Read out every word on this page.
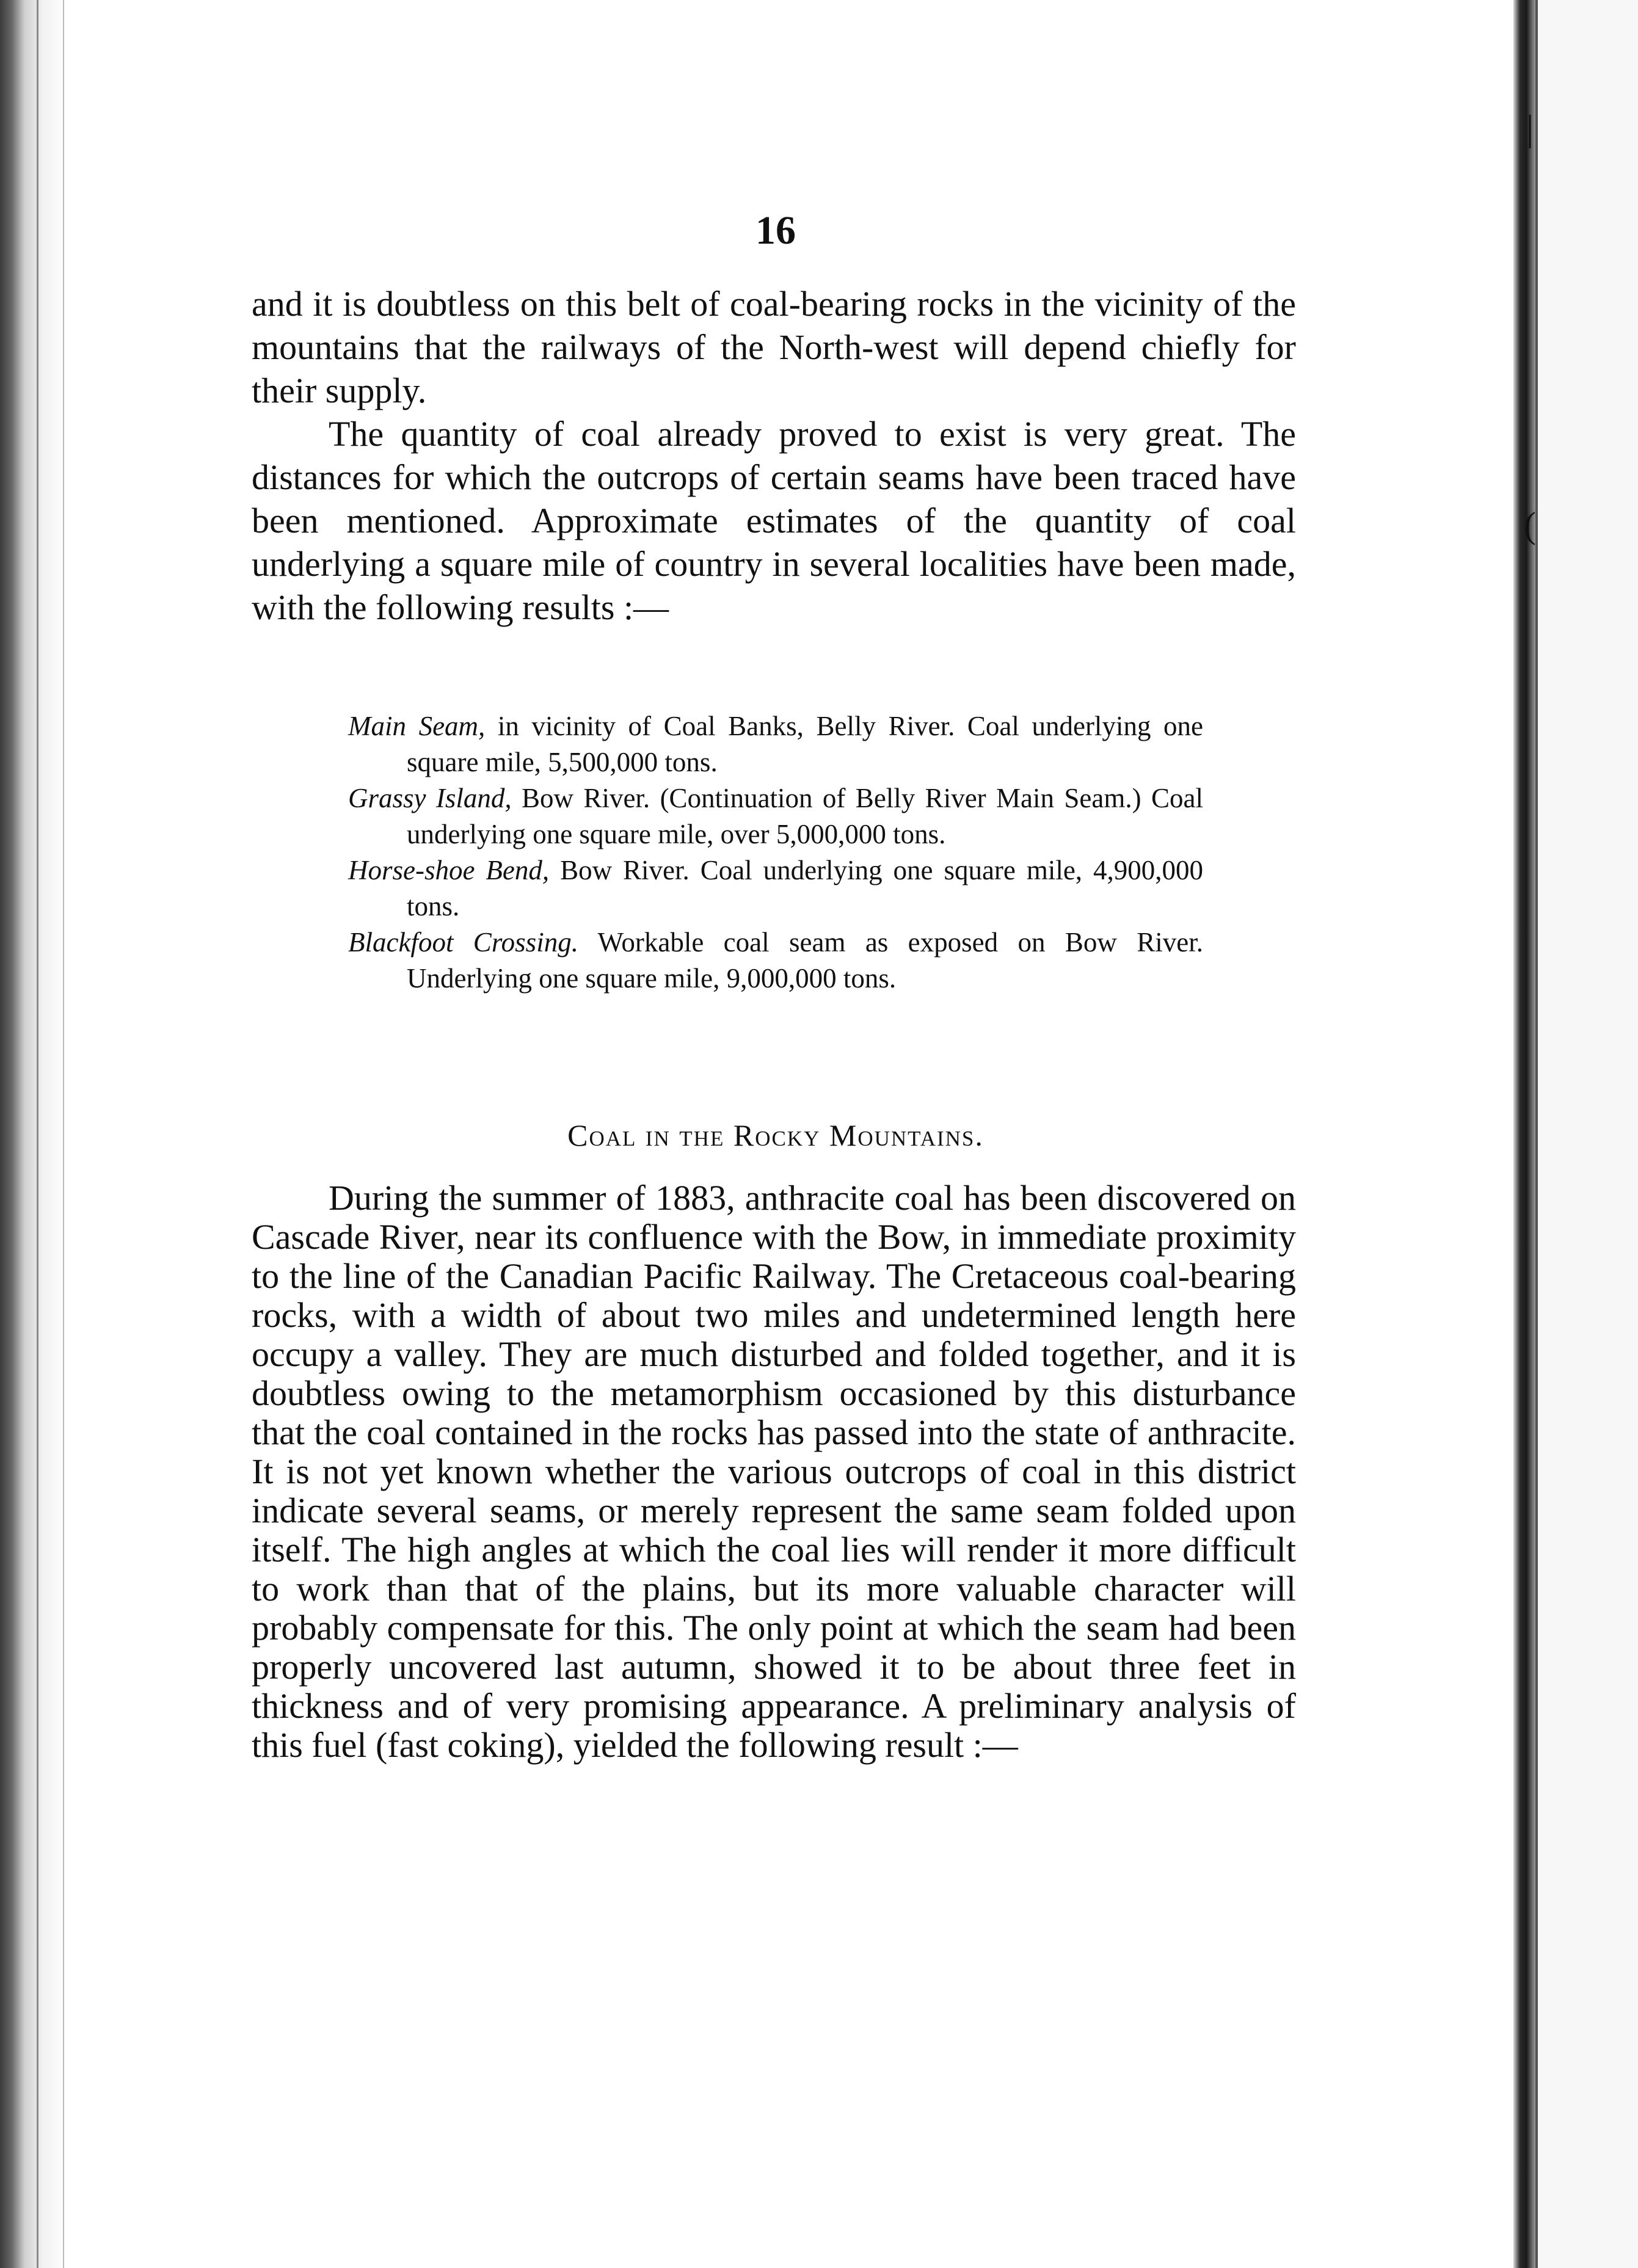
|
(
16

and it is doubtless on this belt of coal-bearing rocks in the vicinity of the mountains that the railways of the North-west will depend chiefly for their supply.

The quantity of coal already proved to exist is very great. The distances for which the outcrops of certain seams have been traced have been mentioned. Approximate estimates of the quantity of coal underlying a square mile of country in several localities have been made, with the following results :—

Main Seam, in vicinity of Coal Banks, Belly River. Coal underlying one square mile, 5,500,000 tons.
Grassy Island, Bow River. (Continuation of Belly River Main Seam.) Coal underlying one square mile, over 5,000,000 tons.
Horse-shoe Bend, Bow River. Coal underlying one square mile, 4,900,000 tons.
Blackfoot Crossing. Workable coal seam as exposed on Bow River. Underlying one square mile, 9,000,000 tons.
Coal in the Rocky Mountains.

During the summer of 1883, anthracite coal has been discovered on Cascade River, near its confluence with the Bow, in immediate proximity to the line of the Canadian Pacific Railway. The Cretaceous coal-bearing rocks, with a width of about two miles and undetermined length here occupy a valley. They are much disturbed and folded together, and it is doubtless owing to the metamorphism occasioned by this disturbance that the coal contained in the rocks has passed into the state of anthracite. It is not yet known whether the various outcrops of coal in this district indicate several seams, or merely represent the same seam folded upon itself. The high angles at which the coal lies will render it more difficult to work than that of the plains, but its more valuable character will probably compensate for this. The only point at which the seam had been properly uncovered last autumn, showed it to be about three feet in thickness and of very promising appearance. A preliminary analysis of this fuel (fast coking), yielded the following result :—
